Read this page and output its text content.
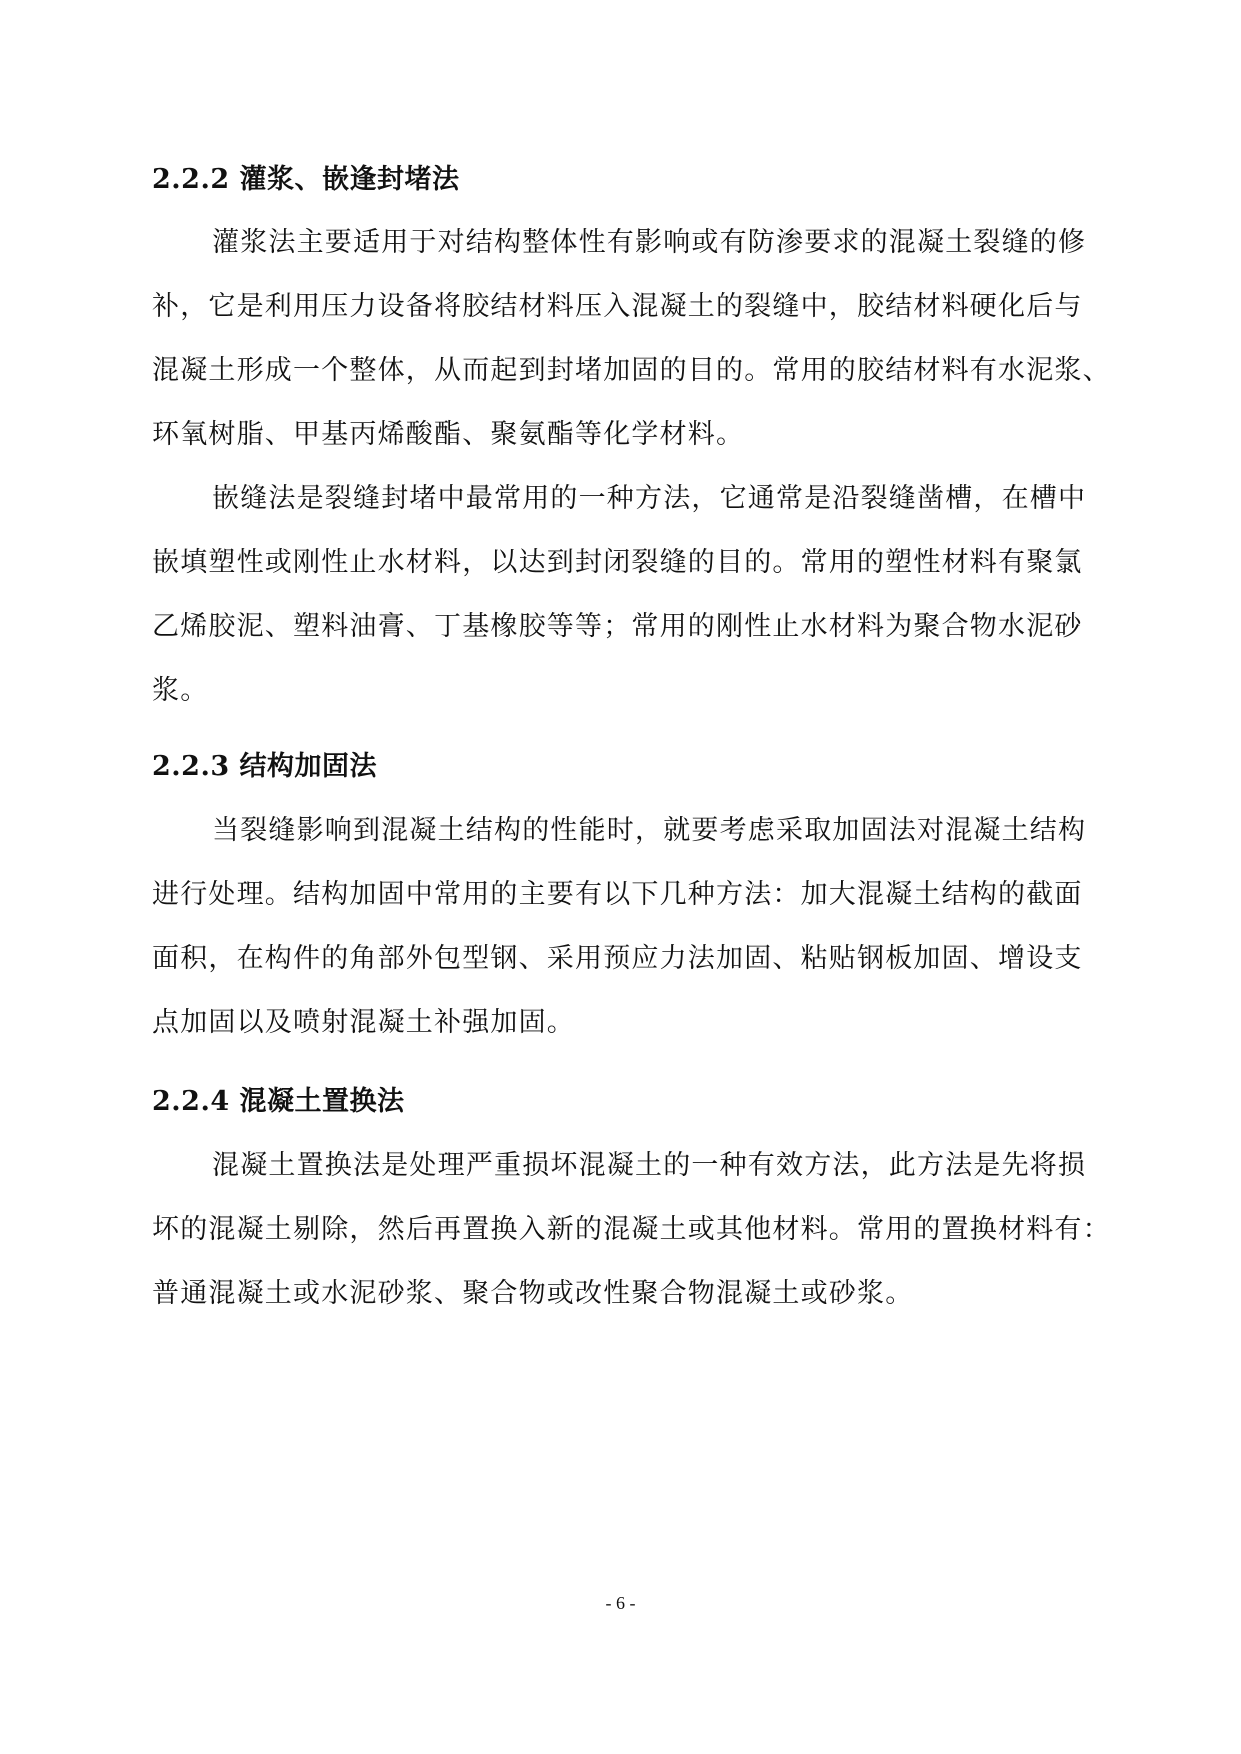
2.2.2 灌浆、嵌逢封堵法
灌浆法主要适用于对结构整体性有影响或有防渗要求的混凝土裂缝的修
补，它是利用压力设备将胶结材料压入混凝土的裂缝中，胶结材料硬化后与
混凝土形成一个整体，从而起到封堵加固的目的。常用的胶结材料有水泥浆、
环氧树脂、甲基丙烯酸酯、聚氨酯等化学材料。
嵌缝法是裂缝封堵中最常用的一种方法，它通常是沿裂缝凿槽，在槽中
嵌填塑性或刚性止水材料，以达到封闭裂缝的目的。常用的塑性材料有聚氯
乙烯胶泥、塑料油膏、丁基橡胶等等；常用的刚性止水材料为聚合物水泥砂
浆。
2.2.3 结构加固法
当裂缝影响到混凝土结构的性能时，就要考虑采取加固法对混凝土结构
进行处理。结构加固中常用的主要有以下几种方法：加大混凝土结构的截面
面积，在构件的角部外包型钢、采用预应力法加固、粘贴钢板加固、增设支
点加固以及喷射混凝土补强加固。
2.2.4 混凝土置换法
混凝土置换法是处理严重损坏混凝土的一种有效方法，此方法是先将损
坏的混凝土剔除，然后再置换入新的混凝土或其他材料。常用的置换材料有：
普通混凝土或水泥砂浆、聚合物或改性聚合物混凝土或砂浆。
- 6 -
